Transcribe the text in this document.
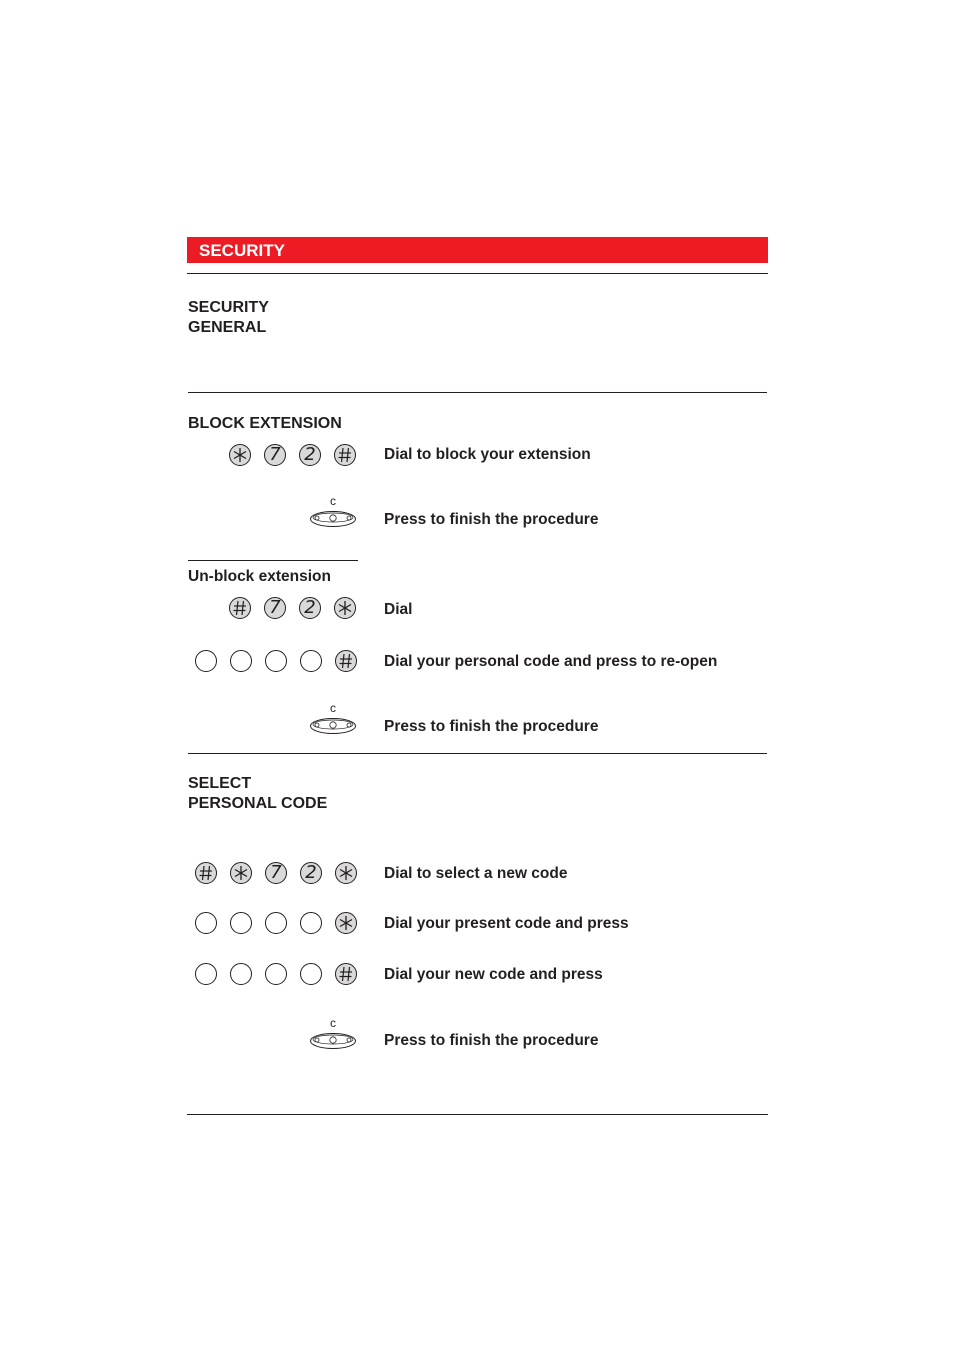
SECURITY
SECURITY
GENERAL
BLOCK EXTENSION
Dial to block your extension
c
Press to finish the procedure
Un-block extension
Dial
Dial your personal code and press to re-open
c
Press to finish the procedure
SELECT
PERSONAL CODE
Dial to select a new code
Dial your present code and press
Dial your new code and press
c
Press to finish the procedure
7 2
7 2
7 2
